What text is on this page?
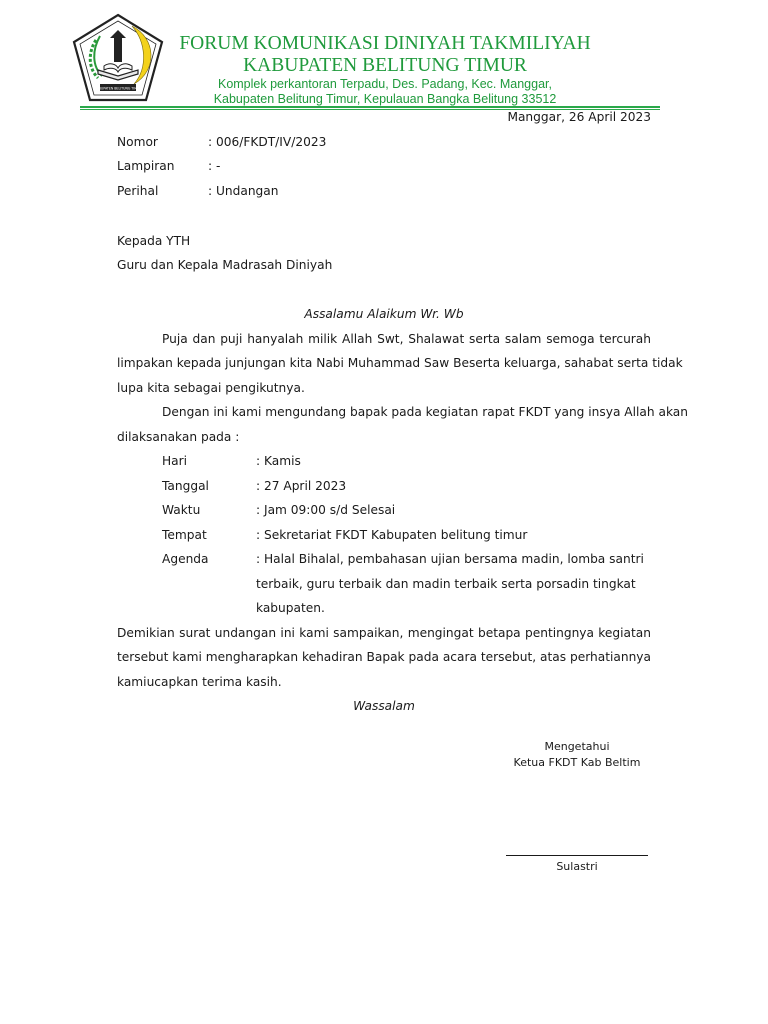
KABUPATEN BELITUNG TIMUR
FORUM KOMUNIKASI DINIYAH TAKMILIYAH
KABUPATEN BELITUNG TIMUR
Komplek perkantoran Terpadu, Des. Padang, Kec. Manggar,
Kabupaten Belitung Timur, Kepulauan Bangka Belitung 33512
Manggar, 26 April 2023
Nomor	: 006/FKDT/IV/2023
Lampiran	: -
Perihal	: Undangan
Kepada YTH
Guru dan Kepala Madrasah Diniyah
Assalamu Alaikum Wr. Wb
Puja dan puji hanyalah milik Allah Swt, Shalawat serta salam semoga tercurah
limpakan kepada junjungan kita Nabi Muhammad Saw Beserta keluarga, sahabat serta tidak
lupa kita sebagai pengikutnya.
Dengan ini kami mengundang bapak pada kegiatan rapat FKDT yang insya Allah akan
dilaksanakan pada :
Hari	: Kamis
Tanggal	: 27 April 2023
Waktu	: Jam 09:00 s/d Selesai
Tempat	: Sekretariat FKDT Kabupaten belitung timur
Agenda	: Halal Bihalal, pembahasan ujian bersama madin, lomba santri
terbaik, guru terbaik dan madin terbaik serta porsadin tingkat
kabupaten.
Demikian surat undangan ini kami sampaikan, mengingat betapa pentingnya kegiatan
tersebut kami mengharapkan kehadiran Bapak pada acara tersebut, atas perhatiannya
kamiucapkan terima kasih.
Wassalam
Mengetahui
Ketua FKDT Kab Beltim
Sulastri
